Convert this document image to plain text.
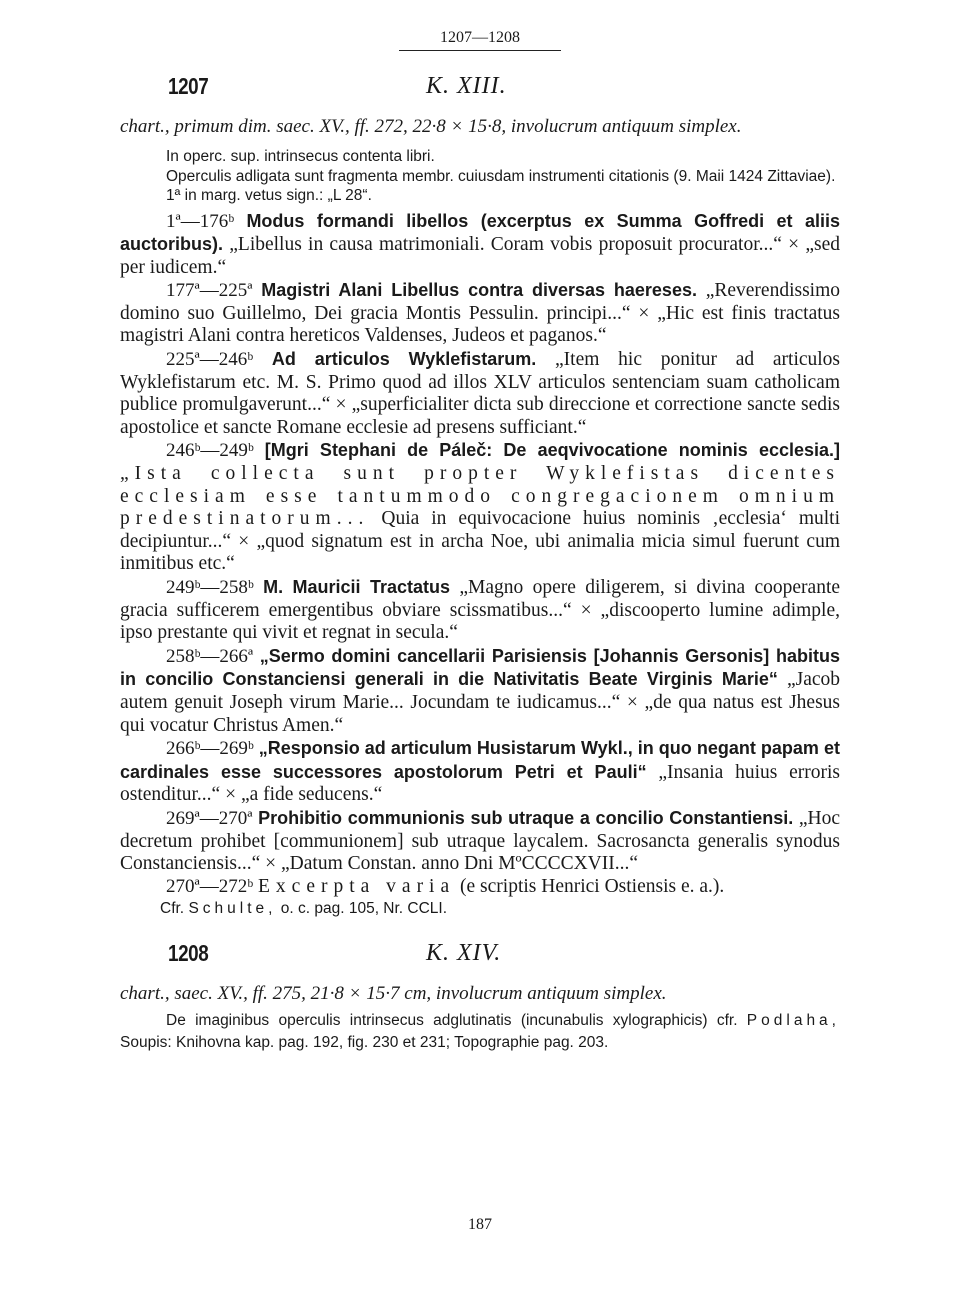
1207—1208
1207	K. XIII.

chart., primum dim. saec. XV., ff. 272, 22·8 × 15·8, involucrum antiquum simplex.

In operc. sup. intrinsecus contenta libri.

Operculis adligata sunt fragmenta membr. cuiusdam instrumenti citationis (9. Maii 1424 Zittaviae).

1ª in marg. vetus sign.: „L 28“.

1ª—176ᵇ Modus formandi libellos (excerptus ex Summa Goffredi et aliis auctoribus). „Libellus in causa matrimoniali. Coram vobis proposuit procurator...“ × „sed per iudicem.“

177ª—225ª Magistri Alani Libellus contra diversas haereses. „Reverendissimo domino suo Guillelmo, Dei gracia Montis Pessulin. principi...“ × „Hic est finis tractatus magistri Alani contra hereticos Valdenses, Judeos et paganos.“

225ª—246ᵇ Ad articulos Wyklefistarum. „Item hic ponitur ad articulos Wyklefistarum etc. M. S. Primo quod ad illos XLV articulos sentenciam suam catholicam publice promulgaverunt...“ × „superficialiter dicta sub direccione et correctione sancte sedis apostolice et sancte Romane ecclesie ad presens sufficiant.“

246ᵇ—249ᵇ [Mgri Stephani de Páleč: De aeqvivocatione nominis ecclesia.] „Ista collecta sunt propter Wyklefistas dicentes ecclesiam esse tantummodo congregacionem omnium predestinatorum... Quia in equivocacione huius nominis ‚ecclesia‘ multi decipiuntur...“ × „quod signatum est in archa Noe, ubi animalia micia simul fuerunt cum inmitibus etc.“

249ᵇ—258ᵇ M. Mauricii Tractatus „Magno opere diligerem, si divina cooperante gracia sufficerem emergentibus obviare scissmatibus...“ × „discooperto lumine adimple, ipso prestante qui vivit et regnat in secula.“

258ᵇ—266ª „Sermo domini cancellarii Parisiensis [Johannis Gersonis] habitus in concilio Constanciensi generali in die Nativitatis Beate Virginis Marie“ „Jacob autem genuit Joseph virum Marie... Jocundam te iudicamus...“ × „de qua natus est Jhesus qui vocatur Christus Amen.“

266ᵇ—269ᵇ „Responsio ad articulum Husistarum Wykl., in quo negant papam et cardinales esse successores apostolorum Petri et Pauli“ „Insania huius erroris ostenditur...“ × „a fide seducens.“

269ª—270ª Prohibitio communionis sub utraque a concilio Constantiensi. „Hoc decretum prohibet [communionem] sub utraque laycalem. Sacrosancta generalis synodus Constanciensis...“ × „Datum Constan. anno Dni MºCCCCXVII...“

270ª—272ᵇ Excerpta varia (e scriptis Henrici Ostiensis e. a.).

Cfr. Schulte, o. c. pag. 105, Nr. CCLI.

1208	K. XIV.

chart., saec. XV., ff. 275, 21·8 × 15·7 cm, involucrum antiquum simplex.

De imaginibus operculis intrinsecus adglutinatis (incunabulis xylographicis) cfr. Podlaha, Soupis: Knihovna kap. pag. 192, fig. 230 et 231; Topographie pag. 203.

187
